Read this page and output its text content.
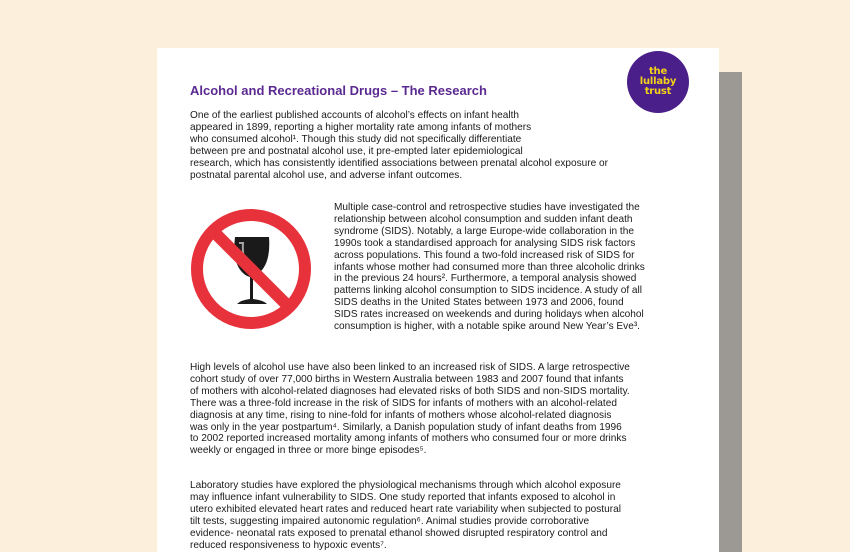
the
lullaby
trust
Alcohol and Recreational Drugs – The Research
One of the earliest published accounts of alcohol’s effects on infant health
appeared in 1899, reporting a higher mortality rate among infants of mothers
who consumed alcohol¹. Though this study did not specifically differentiate
between pre and postnatal alcohol use, it pre-empted later epidemiological
research, which has consistently identified associations between prenatal alcohol exposure or
postnatal parental alcohol use, and adverse infant outcomes.
Multiple case-control and retrospective studies have investigated the
relationship between alcohol consumption and sudden infant death
syndrome (SIDS). Notably, a large Europe-wide collaboration in the
1990s took a standardised approach for analysing SIDS risk factors
across populations. This found a two-fold increased risk of SIDS for
infants whose mother had consumed more than three alcoholic drinks
in the previous 24 hours². Furthermore, a temporal analysis showed
patterns linking alcohol consumption to SIDS incidence. A study of all
SIDS deaths in the United States between 1973 and 2006, found
SIDS rates increased on weekends and during holidays when alcohol
consumption is higher, with a notable spike around New Year’s Eve³.
High levels of alcohol use have also been linked to an increased risk of SIDS. A large retrospective
cohort study of over 77,000 births in Western Australia between 1983 and 2007 found that infants
of mothers with alcohol-related diagnoses had elevated risks of both SIDS and non-SIDS mortality.
There was a three-fold increase in the risk of SIDS for infants of mothers with an alcohol-related
diagnosis at any time, rising to nine-fold for infants of mothers whose alcohol-related diagnosis
was only in the year postpartum⁴. Similarly, a Danish population study of infant deaths from 1996
to 2002 reported increased mortality among infants of mothers who consumed four or more drinks
weekly or engaged in three or more binge episodes⁵.
Laboratory studies have explored the physiological mechanisms through which alcohol exposure
may influence infant vulnerability to SIDS. One study reported that infants exposed to alcohol in
utero exhibited elevated heart rates and reduced heart rate variability when subjected to postural
tilt tests, suggesting impaired autonomic regulation⁶. Animal studies provide corroborative
evidence- neonatal rats exposed to prenatal ethanol showed disrupted respiratory control and
reduced responsiveness to hypoxic events⁷.
